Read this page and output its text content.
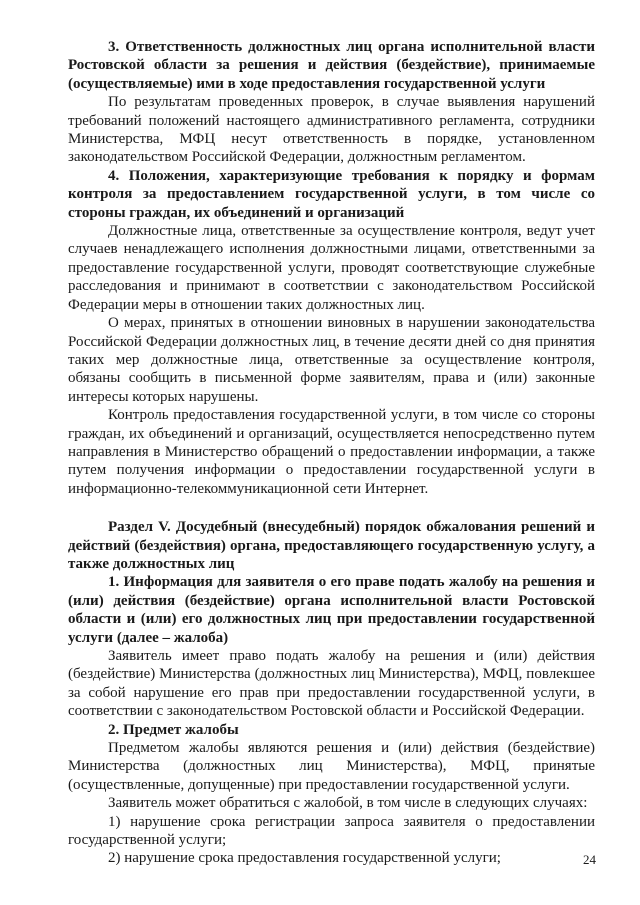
3. Ответственность должностных лиц органа исполнительной власти Ростовской области за решения и действия (бездействие), принимаемые (осуществляемые) ими в ходе предоставления государственной услуги

По результатам проведенных проверок, в случае выявления нарушений требований положений настоящего административного регламента, сотрудники Министерства, МФЦ несут ответственность в порядке, установленном законодательством Российской Федерации, должностным регламентом.

4. Положения, характеризующие требования к порядку и формам контроля за предоставлением государственной услуги, в том числе со стороны граждан, их объединений и организаций

Должностные лица, ответственные за осуществление контроля, ведут учет случаев ненадлежащего исполнения должностными лицами, ответственными за предоставление государственной услуги, проводят соответствующие служебные расследования и принимают в соответствии с законодательством Российской Федерации меры в отношении таких должностных лиц.

О мерах, принятых в отношении виновных в нарушении законодательства Российской Федерации должностных лиц, в течение десяти дней со дня принятия таких мер должностные лица, ответственные за осуществление контроля, обязаны сообщить в письменной форме заявителям, права и (или) законные интересы которых нарушены.

Контроль предоставления государственной услуги, в том числе со стороны граждан, их объединений и организаций, осуществляется непосредственно путем направления в Министерство обращений о предоставлении информации, а также путем получения информации о предоставлении государственной услуги в информационно-телекоммуникационной сети Интернет.

Раздел V. Досудебный (внесудебный) порядок обжалования решений и действий (бездействия) органа, предоставляющего государственную услугу, а также должностных лиц

1. Информация для заявителя о его праве подать жалобу на решения и (или) действия (бездействие) органа исполнительной власти Ростовской области и (или) его должностных лиц при предоставлении государственной услуги (далее – жалоба)

Заявитель имеет право подать жалобу на решения и (или) действия (бездействие) Министерства (должностных лиц Министерства), МФЦ, повлекшее за собой нарушение его прав при предоставлении государственной услуги, в соответствии с законодательством Ростовской области и Российской Федерации.

2. Предмет жалобы

Предметом жалобы являются решения и (или) действия (бездействие) Министерства (должностных лиц Министерства), МФЦ, принятые (осуществленные, допущенные) при предоставлении государственной услуги.

Заявитель может обратиться с жалобой, в том числе в следующих случаях:

1) нарушение срока регистрации запроса заявителя о предоставлении государственной услуги;

2) нарушение срока предоставления государственной услуги;	24
